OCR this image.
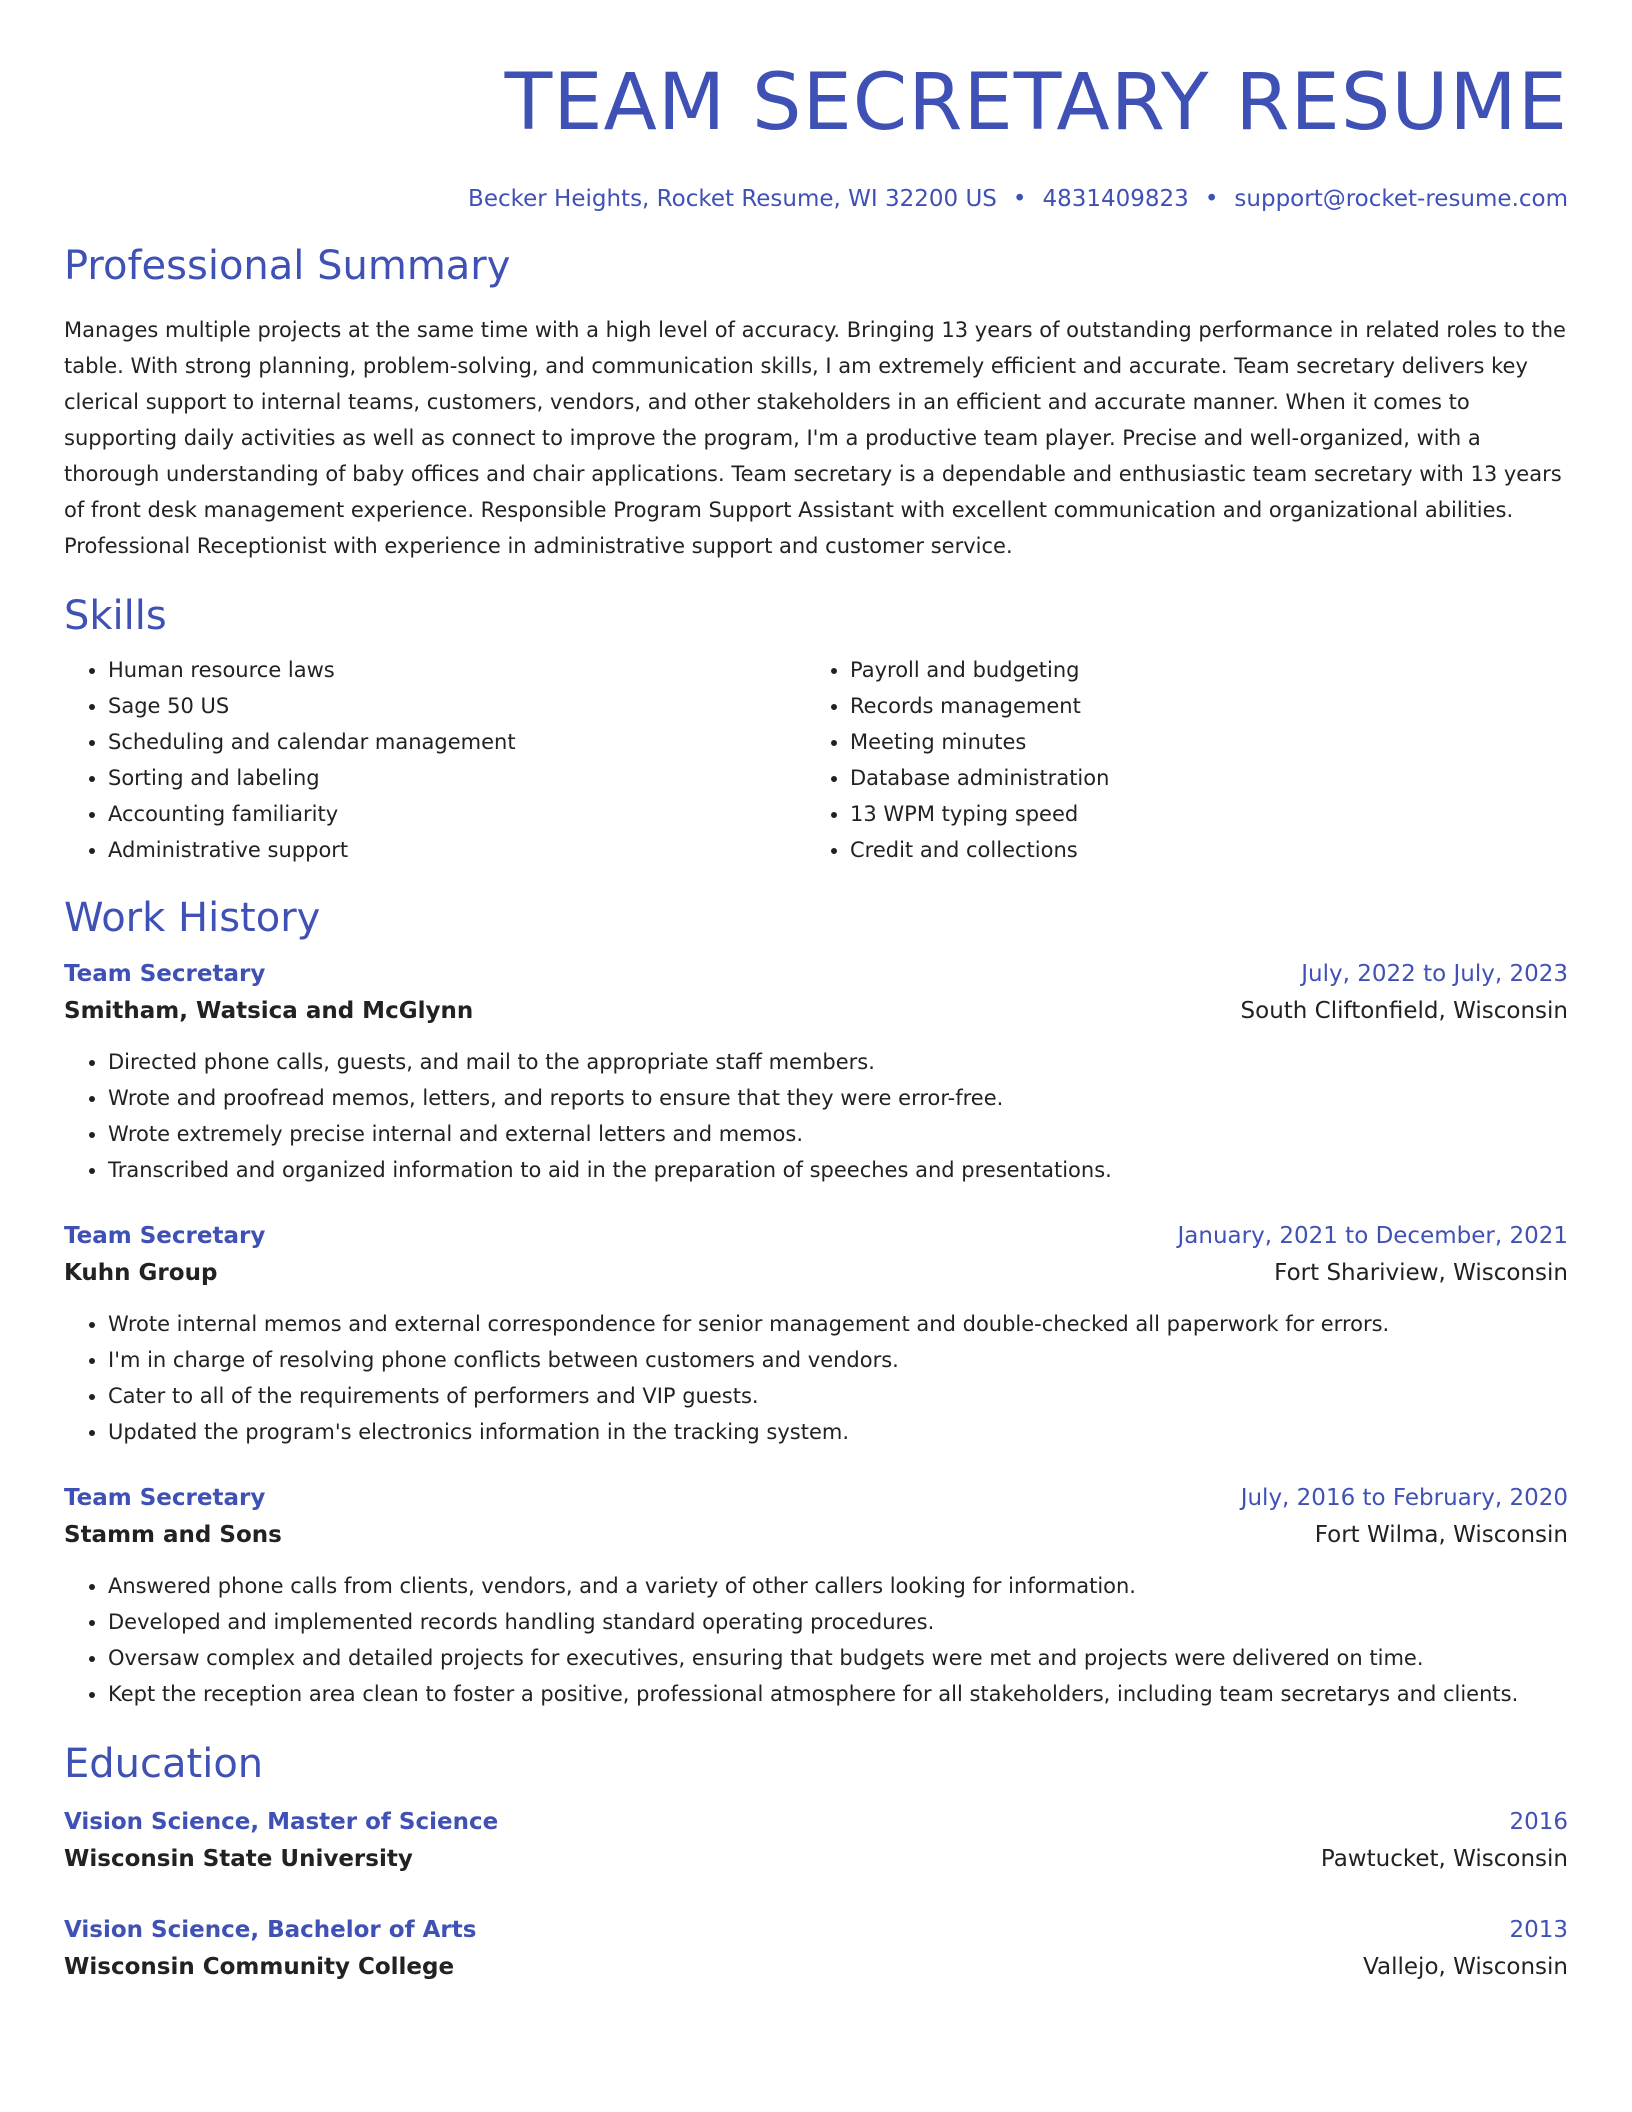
TEAM SECRETARY RESUME
Becker Heights, Rocket Resume, WI 32200 US • 4831409823 • support@rocket-resume.com
Professional Summary
Manages multiple projects at the same time with a high level of accuracy. Bringing 13 years of outstanding performance in related roles to the
table. With strong planning, problem-solving, and communication skills, I am extremely efficient and accurate. Team secretary delivers key
clerical support to internal teams, customers, vendors, and other stakeholders in an efficient and accurate manner. When it comes to
supporting daily activities as well as connect to improve the program, I'm a productive team player. Precise and well-organized, with a
thorough understanding of baby offices and chair applications. Team secretary is a dependable and enthusiastic team secretary with 13 years
of front desk management experience. Responsible Program Support Assistant with excellent communication and organizational abilities.
Professional Receptionist with experience in administrative support and customer service.
Skills
• Human resource laws
• Sage 50 US
• Scheduling and calendar management
• Sorting and labeling
• Accounting familiarity
• Administrative support
• Payroll and budgeting
• Records management
• Meeting minutes
• Database administration
• 13 WPM typing speed
• Credit and collections
Work History
Team Secretary	July, 2022 to July, 2023
Smitham, Watsica and McGlynn	South Cliftonfield, Wisconsin
• Directed phone calls, guests, and mail to the appropriate staff members.
• Wrote and proofread memos, letters, and reports to ensure that they were error-free.
• Wrote extremely precise internal and external letters and memos.
• Transcribed and organized information to aid in the preparation of speeches and presentations.
Team Secretary	January, 2021 to December, 2021
Kuhn Group	Fort Shariview, Wisconsin
• Wrote internal memos and external correspondence for senior management and double-checked all paperwork for errors.
• I'm in charge of resolving phone conflicts between customers and vendors.
• Cater to all of the requirements of performers and VIP guests.
• Updated the program's electronics information in the tracking system.
Team Secretary	July, 2016 to February, 2020
Stamm and Sons	Fort Wilma, Wisconsin
• Answered phone calls from clients, vendors, and a variety of other callers looking for information.
• Developed and implemented records handling standard operating procedures.
• Oversaw complex and detailed projects for executives, ensuring that budgets were met and projects were delivered on time.
• Kept the reception area clean to foster a positive, professional atmosphere for all stakeholders, including team secretarys and clients.
Education
Vision Science, Master of Science	2016
Wisconsin State University	Pawtucket, Wisconsin
Vision Science, Bachelor of Arts	2013
Wisconsin Community College	Vallejo, Wisconsin
